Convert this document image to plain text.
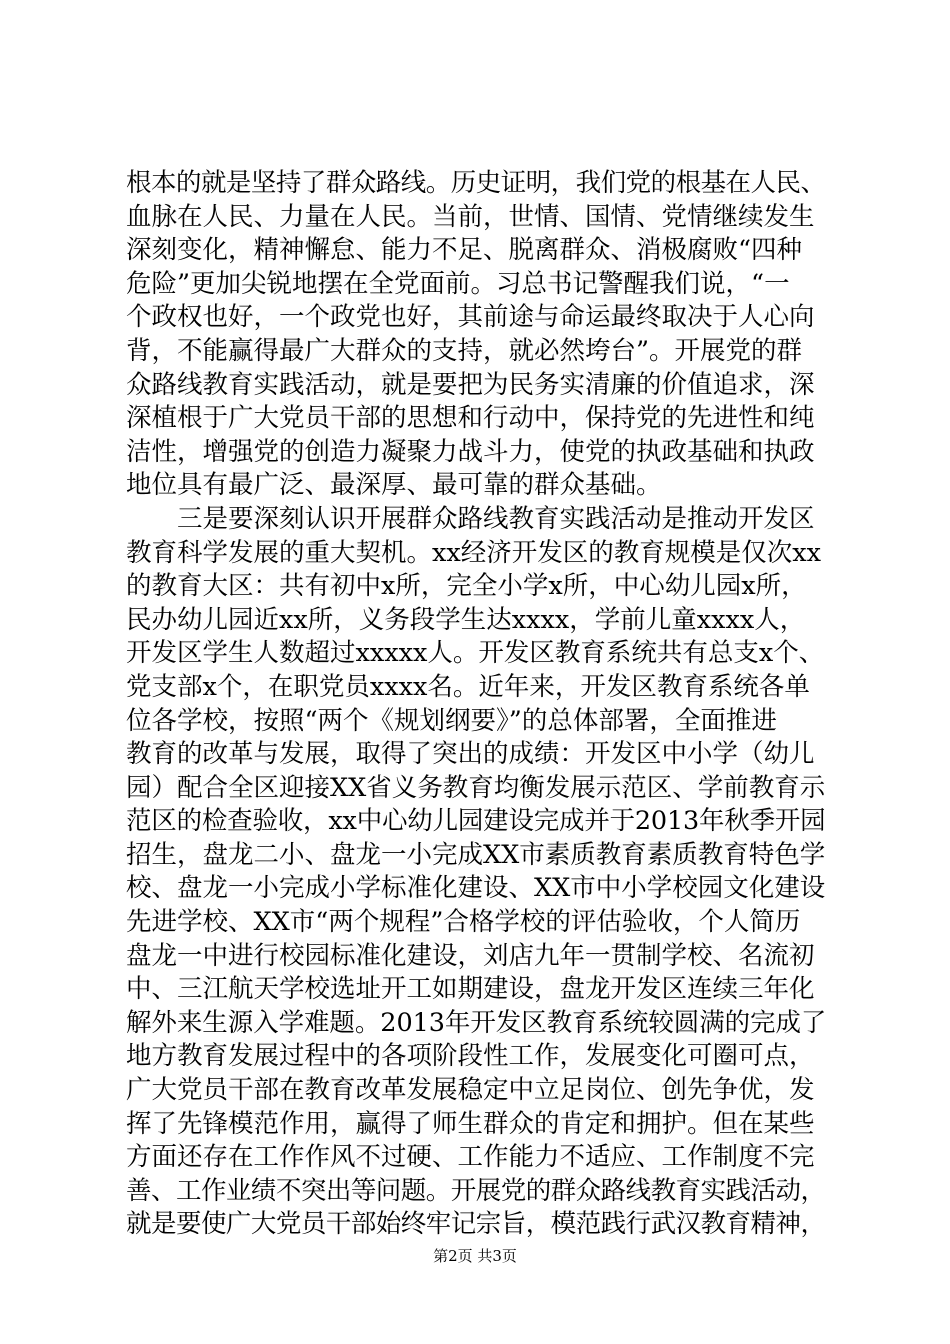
根本的就是坚持了群众路线。历史证明，我们党的根基在人民、
血脉在人民、力量在人民。当前，世情、国情、党情继续发生
深刻变化，精神懈怠、能力不足、脱离群众、消极腐败“四种
危险”更加尖锐地摆在全党面前。习总书记警醒我们说，“一
个政权也好，一个政党也好，其前途与命运最终取决于人心向
背，不能赢得最广大群众的支持，就必然垮台”。开展党的群
众路线教育实践活动，就是要把为民务实清廉的价值追求，深
深植根于广大党员干部的思想和行动中，保持党的先进性和纯
洁性，增强党的创造力凝聚力战斗力，使党的执政基础和执政
地位具有最广泛、最深厚、最可靠的群众基础。
三是要深刻认识开展群众路线教育实践活动是推动开发区
教育科学发展的重大契机。xx经济开发区的教育规模是仅次xx
的教育大区：共有初中x所，完全小学x所，中心幼儿园x所，
民办幼儿园近xx所，义务段学生达xxxx，学前儿童xxxx人，
开发区学生人数超过xxxxx人。开发区教育系统共有总支x个、
党支部x个，在职党员xxxx名。近年来，开发区教育系统各单
位各学校，按照“两个《规划纲要》”的总体部署，全面推进
教育的改革与发展，取得了突出的成绩：开发区中小学（幼儿
园）配合全区迎接XX省义务教育均衡发展示范区、学前教育示
范区的检查验收，xx中心幼儿园建设完成并于2013年秋季开园
招生，盘龙二小、盘龙一小完成XX市素质教育素质教育特色学
校、盘龙一小完成小学标准化建设、XX市中小学校园文化建设
先进学校、XX市“两个规程”合格学校的评估验收，个人简历
盘龙一中进行校园标准化建设，刘店九年一贯制学校、名流初
中、三江航天学校选址开工如期建设，盘龙开发区连续三年化
解外来生源入学难题。2013年开发区教育系统较圆满的完成了
地方教育发展过程中的各项阶段性工作，发展变化可圈可点，
广大党员干部在教育改革发展稳定中立足岗位、创先争优，发
挥了先锋模范作用，赢得了师生群众的肯定和拥护。但在某些
方面还存在工作作风不过硬、工作能力不适应、工作制度不完
善、工作业绩不突出等问题。开展党的群众路线教育实践活动，
就是要使广大党员干部始终牢记宗旨，模范践行武汉教育精神，
第2页 共3页
